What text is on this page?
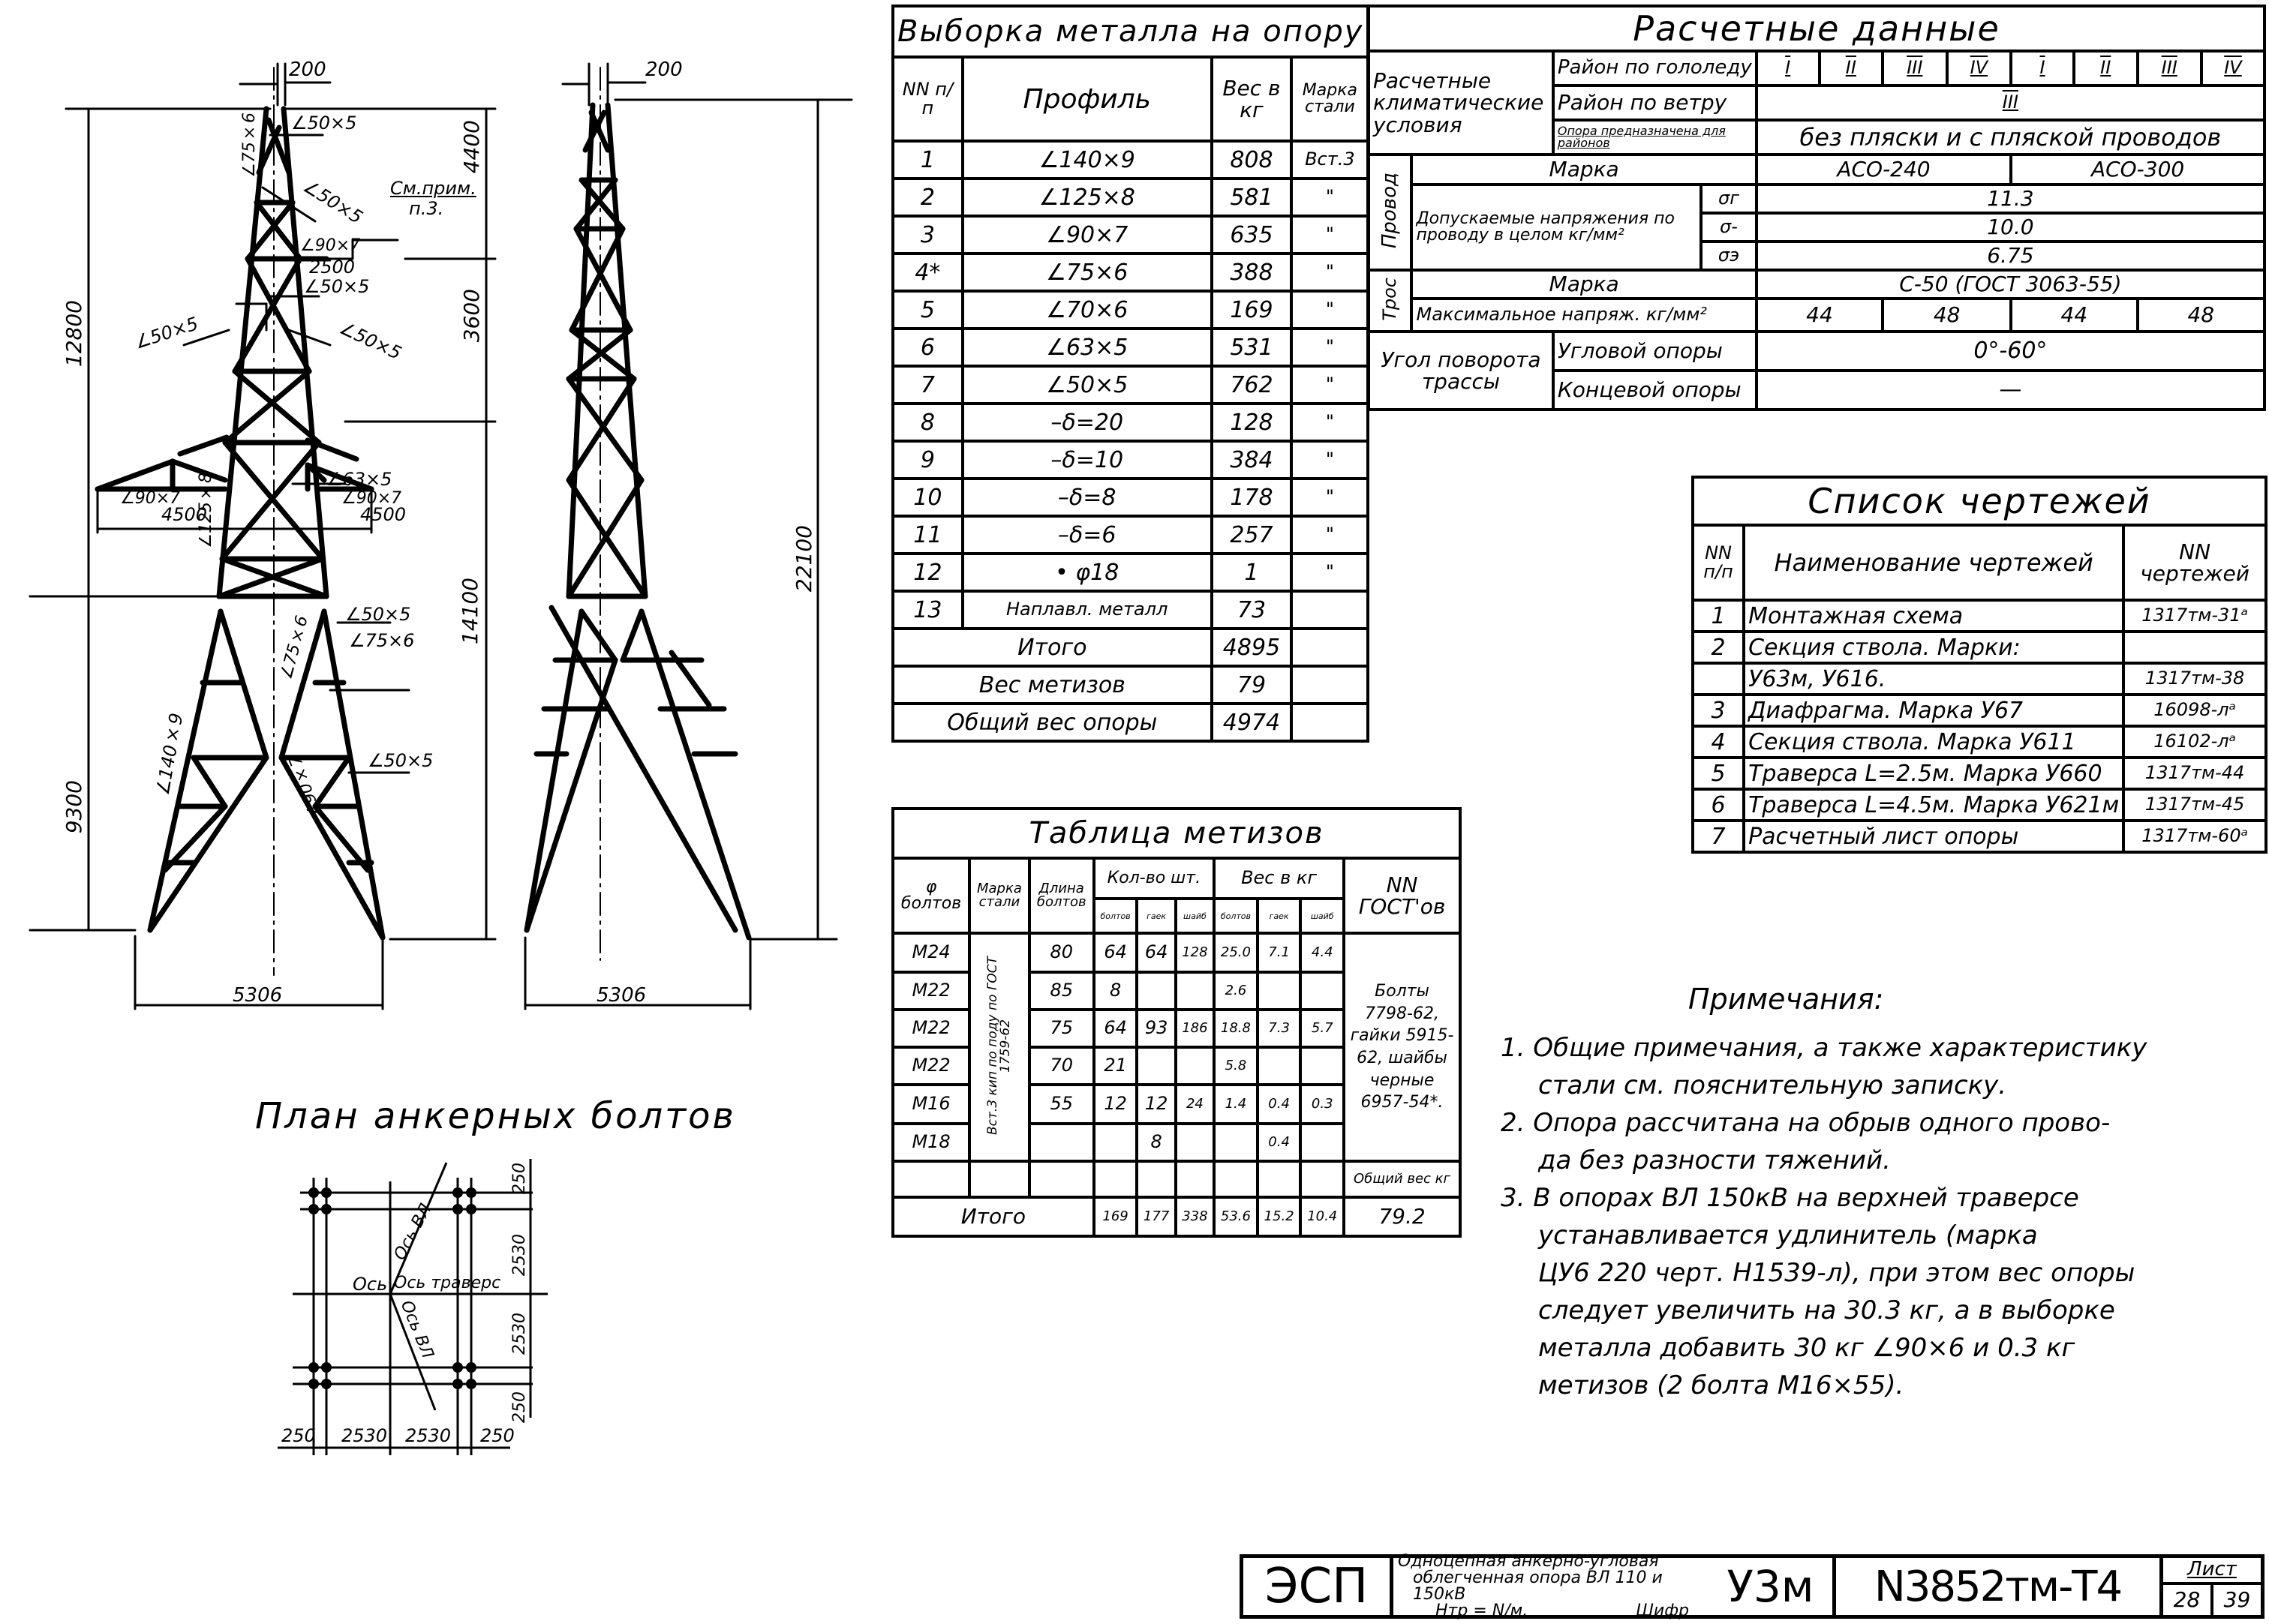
200
12800
4400
3600
14100
9300
5306
См.прим.
п.3.
2500
4500	4500
∠75×6 ∠50×5
∠50×5
∠90×7
∠50×5
∠50×5	∠50×5
∠90×7	∠90×7
∠63×5
∠125×8
∠75×6 ∠50×5
∠75×6
∠140×9	∠90×7 ∠50×5
200
22100
5306
План анкерных болтов
Ось ВЛ
Ось Ось траверс
Ось ВЛ
250 2530 2530 250
250
2530
2530
250
Выборка металла на опору			
NN п/п	Профиль	Вес в кг	Марка стали
1	∠140×9	808	Вст.3
2	∠125×8	581	"
3	∠90×7	635	"
4*	∠75×6	388	"
5	∠70×6	169	"
6	∠63×5	531	"
7	∠50×5	762	"
8	–δ=20	128	"
9	–δ=10	384	"
10	–δ=8	178	"
11	–δ=6	257	"
12	• φ18	1	"
13	Наплавл. металл	73	
Итого		4895	
Вес метизов		79	
Общий вес опоры		4974	
Расчетные данные											
Расчетные климатические условия		Район по гололеду		I	II	III	IV	I	II	III	IV
		Район по ветру		III							
		Опора предназначена для районов		без пляски и с пляской проводов							
Провод	Марка			АСО-240				АСО-300			
	Допускаемые напряжения по проводу в целом кг/мм²		σг	11.3							
			σ-	10.0							
			σэ	6.75							
Трос	Марка			С-50 (ГОСТ 3063-55)							
	Максимальное напряж. кг/мм²			44		48		44		48	
Угол поворота трассы		Угловой опоры		0°-60°							
		Концевой опоры		—							
Список чертежей		
NN п/п	Наименование чертежей	NN чертежей
1	Монтажная схема	1317тм-31ᵃ
2	Секция ствола. Марки:	
	У63м, У616.	1317тм-38
3	Диафрагма. Марка У67	16098-лᵃ
4	Секция ствола. Марка У611	16102-лᵃ
5	Траверса L=2.5м. Марка У660	1317тм-44
6	Траверса L=4.5м. Марка У621м	1317тм-45
7	Расчетный лист опоры	1317тм-60ᵃ
Таблица метизов									
φ болтов	Марка стали	Длина болтов	Кол-во шт.			Вес в кг			NN ГОСТ'ов
			болтов	гаек	шайб	болтов	гаек	шайб	
М24	Вст.3 кип по поду по ГОСТ 1759-62	80	64	64	128	25.0	7.1	4.4	Болты 7798-62, гайки 5915-62, шайбы черные 6957-54*.
М22		85	8			2.6			
М22		75	64	93	186	18.8	7.3	5.7	
М22		70	21			5.8			
М16		55	12	12	24	1.4	0.4	0.3	
М18				8			0.4		
									Общий вес кг
Итого			169	177	338	53.6	15.2	10.4	79.2
Примечания:
1. Общие примечания, а также характеристику
стали см. пояснительную записку.
2. Опора рассчитана на обрыв одного прово-
да без разности тяжений.
3. В опорах ВЛ 150кВ на верхней траверсе
устанавливается удлинитель (марка
ЦУ6 220 черт. Н1539-л), при этом вес опоры
следует увеличить на 30.3 кг, а в выборке
металла добавить 30 кг ∠90×6 и 0.3 кг
метизов (2 болта М16×55).
ЭСП	Одноцепная анкерно-угловая
облегченная опора ВЛ 110 и 150кВ
Нтр = N/м.	Шифр У3м	N3852тм-Т4	Лист
28	39
